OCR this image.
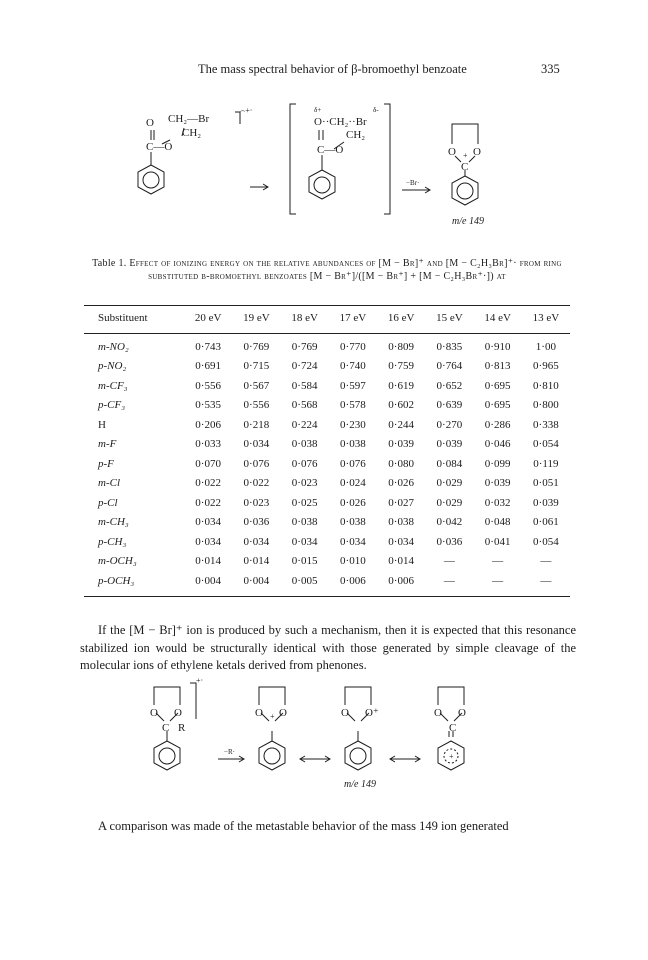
The mass spectral behavior of β-bromoethyl benzoate	335
O CH₂—Br
⌢+·
CH₂
C—O
δ+	δ-
O··CH₂··Br
CH₂
C—O
−Br·
O + O
C
m/e 149
Table 1. Effect of ionizing energy on the relative abundances of [M − Br]⁺ and [M − C₂H₃Br]⁺· from ring substituted β-bromoethyl benzoates [M − Br⁺]/([M − Br⁺] + [M − C₂H₃Br⁺·]) at
Substituent	20 eV	19 eV	18 eV	17 eV	16 eV	15 eV	14 eV	13 eV

m-NO₂	0·743	0·769	0·769	0·770	0·809	0·835	0·910	1·00
p-NO₂	0·691	0·715	0·724	0·740	0·759	0·764	0·813	0·965
m-CF₃	0·556	0·567	0·584	0·597	0·619	0·652	0·695	0·810
p-CF₃	0·535	0·556	0·568	0·578	0·602	0·639	0·695	0·800
H	0·206	0·218	0·224	0·230	0·244	0·270	0·286	0·338
m-F	0·033	0·034	0·038	0·038	0·039	0·039	0·046	0·054
p-F	0·070	0·076	0·076	0·076	0·080	0·084	0·099	0·119
m-Cl	0·022	0·022	0·023	0·024	0·026	0·029	0·039	0·051
p-Cl	0·022	0·023	0·025	0·026	0·027	0·029	0·032	0·039
m-CH₃	0·034	0·036	0·038	0·038	0·038	0·042	0·048	0·061
p-CH₃	0·034	0·034	0·034	0·034	0·034	0·036	0·041	0·054
m-OCH₃	0·014	0·014	0·015	0·010	0·014	—	—	—
p-OCH₃	0·004	0·004	0·005	0·006	0·006	—	—	—
If the [M − Br]⁺ ion is produced by such a mechanism, then it is expected that this resonance stabilized ion would be structurally identical with those generated by simple cleavage of the molecular ions of ethylene ketals derived from phenones.
O O
C R
+·
−R·
O O
+	O O⁺
m/e 149
O O
C
+
A comparison was made of the metastable behavior of the mass 149 ion generated
